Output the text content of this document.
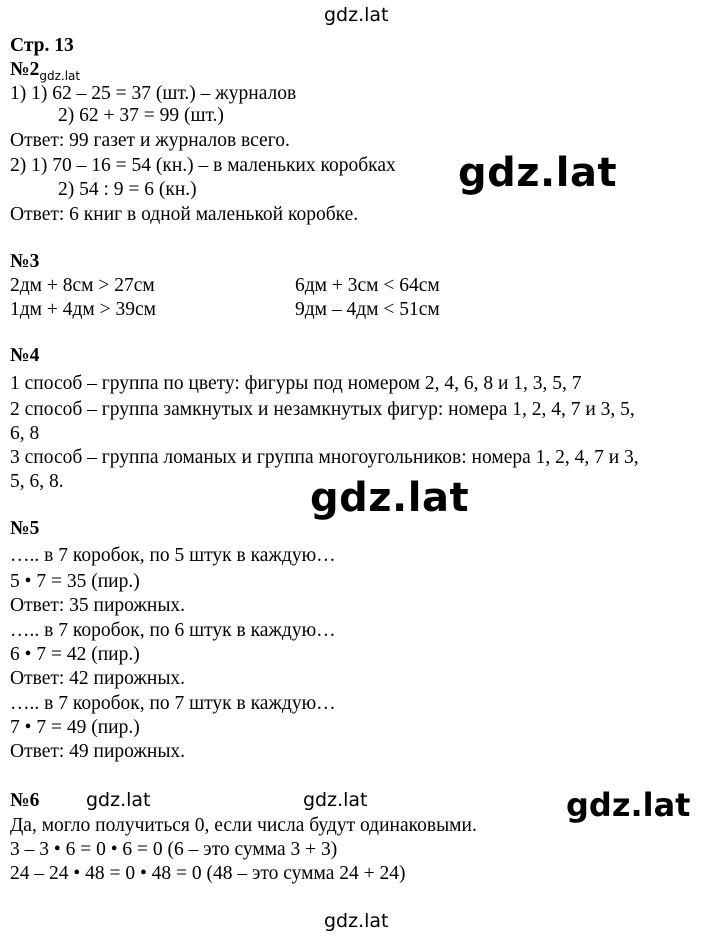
gdz.lat
gdz.lat
gdz.lat
gdz.lat	gdz.lat	gdz.lat
gdz.lat
Стр. 13
$№2_{gdz.lat}$
1) 1) 62 – 25 = 37 (шт.) – журналов
2) 62 + 37 = 99 (шт.)
Ответ: 99 газет и журналов всего.
2) 1) 70 – 16 = 54 (кн.) – в маленьких коробках
2) 54 : 9 = 6 (кн.)
Ответ: 6 книг в одной маленькой коробке.
№3
2дм + 8см > 27см	6дм + 3см < 64см
1дм + 4дм > 39см	9дм – 4дм < 51см
№4
1 способ – группа по цвету: фигуры под номером 2, 4, 6, 8 и 1, 3, 5, 7
2 способ – группа замкнутых и незамкнутых фигур: номера 1, 2, 4, 7 и 3, 5,
6, 8
3 способ – группа ломаных и группа многоугольников: номера 1, 2, 4, 7 и 3,
5, 6, 8.
№5
….. в 7 коробок, по 5 штук в каждую…
5 • 7 = 35 (пир.)
Ответ: 35 пирожных.
….. в 7 коробок, по 6 штук в каждую…
6 • 7 = 42 (пир.)
Ответ: 42 пирожных.
….. в 7 коробок, по 7 штук в каждую…
7 • 7 = 49 (пир.)
Ответ: 49 пирожных.
№6
Да, могло получиться 0, если числа будут одинаковыми.
3 – 3 • 6 = 0 • 6 = 0 (6 – это сумма 3 + 3)
24 – 24 • 48 = 0 • 48 = 0 (48 – это сумма 24 + 24)
